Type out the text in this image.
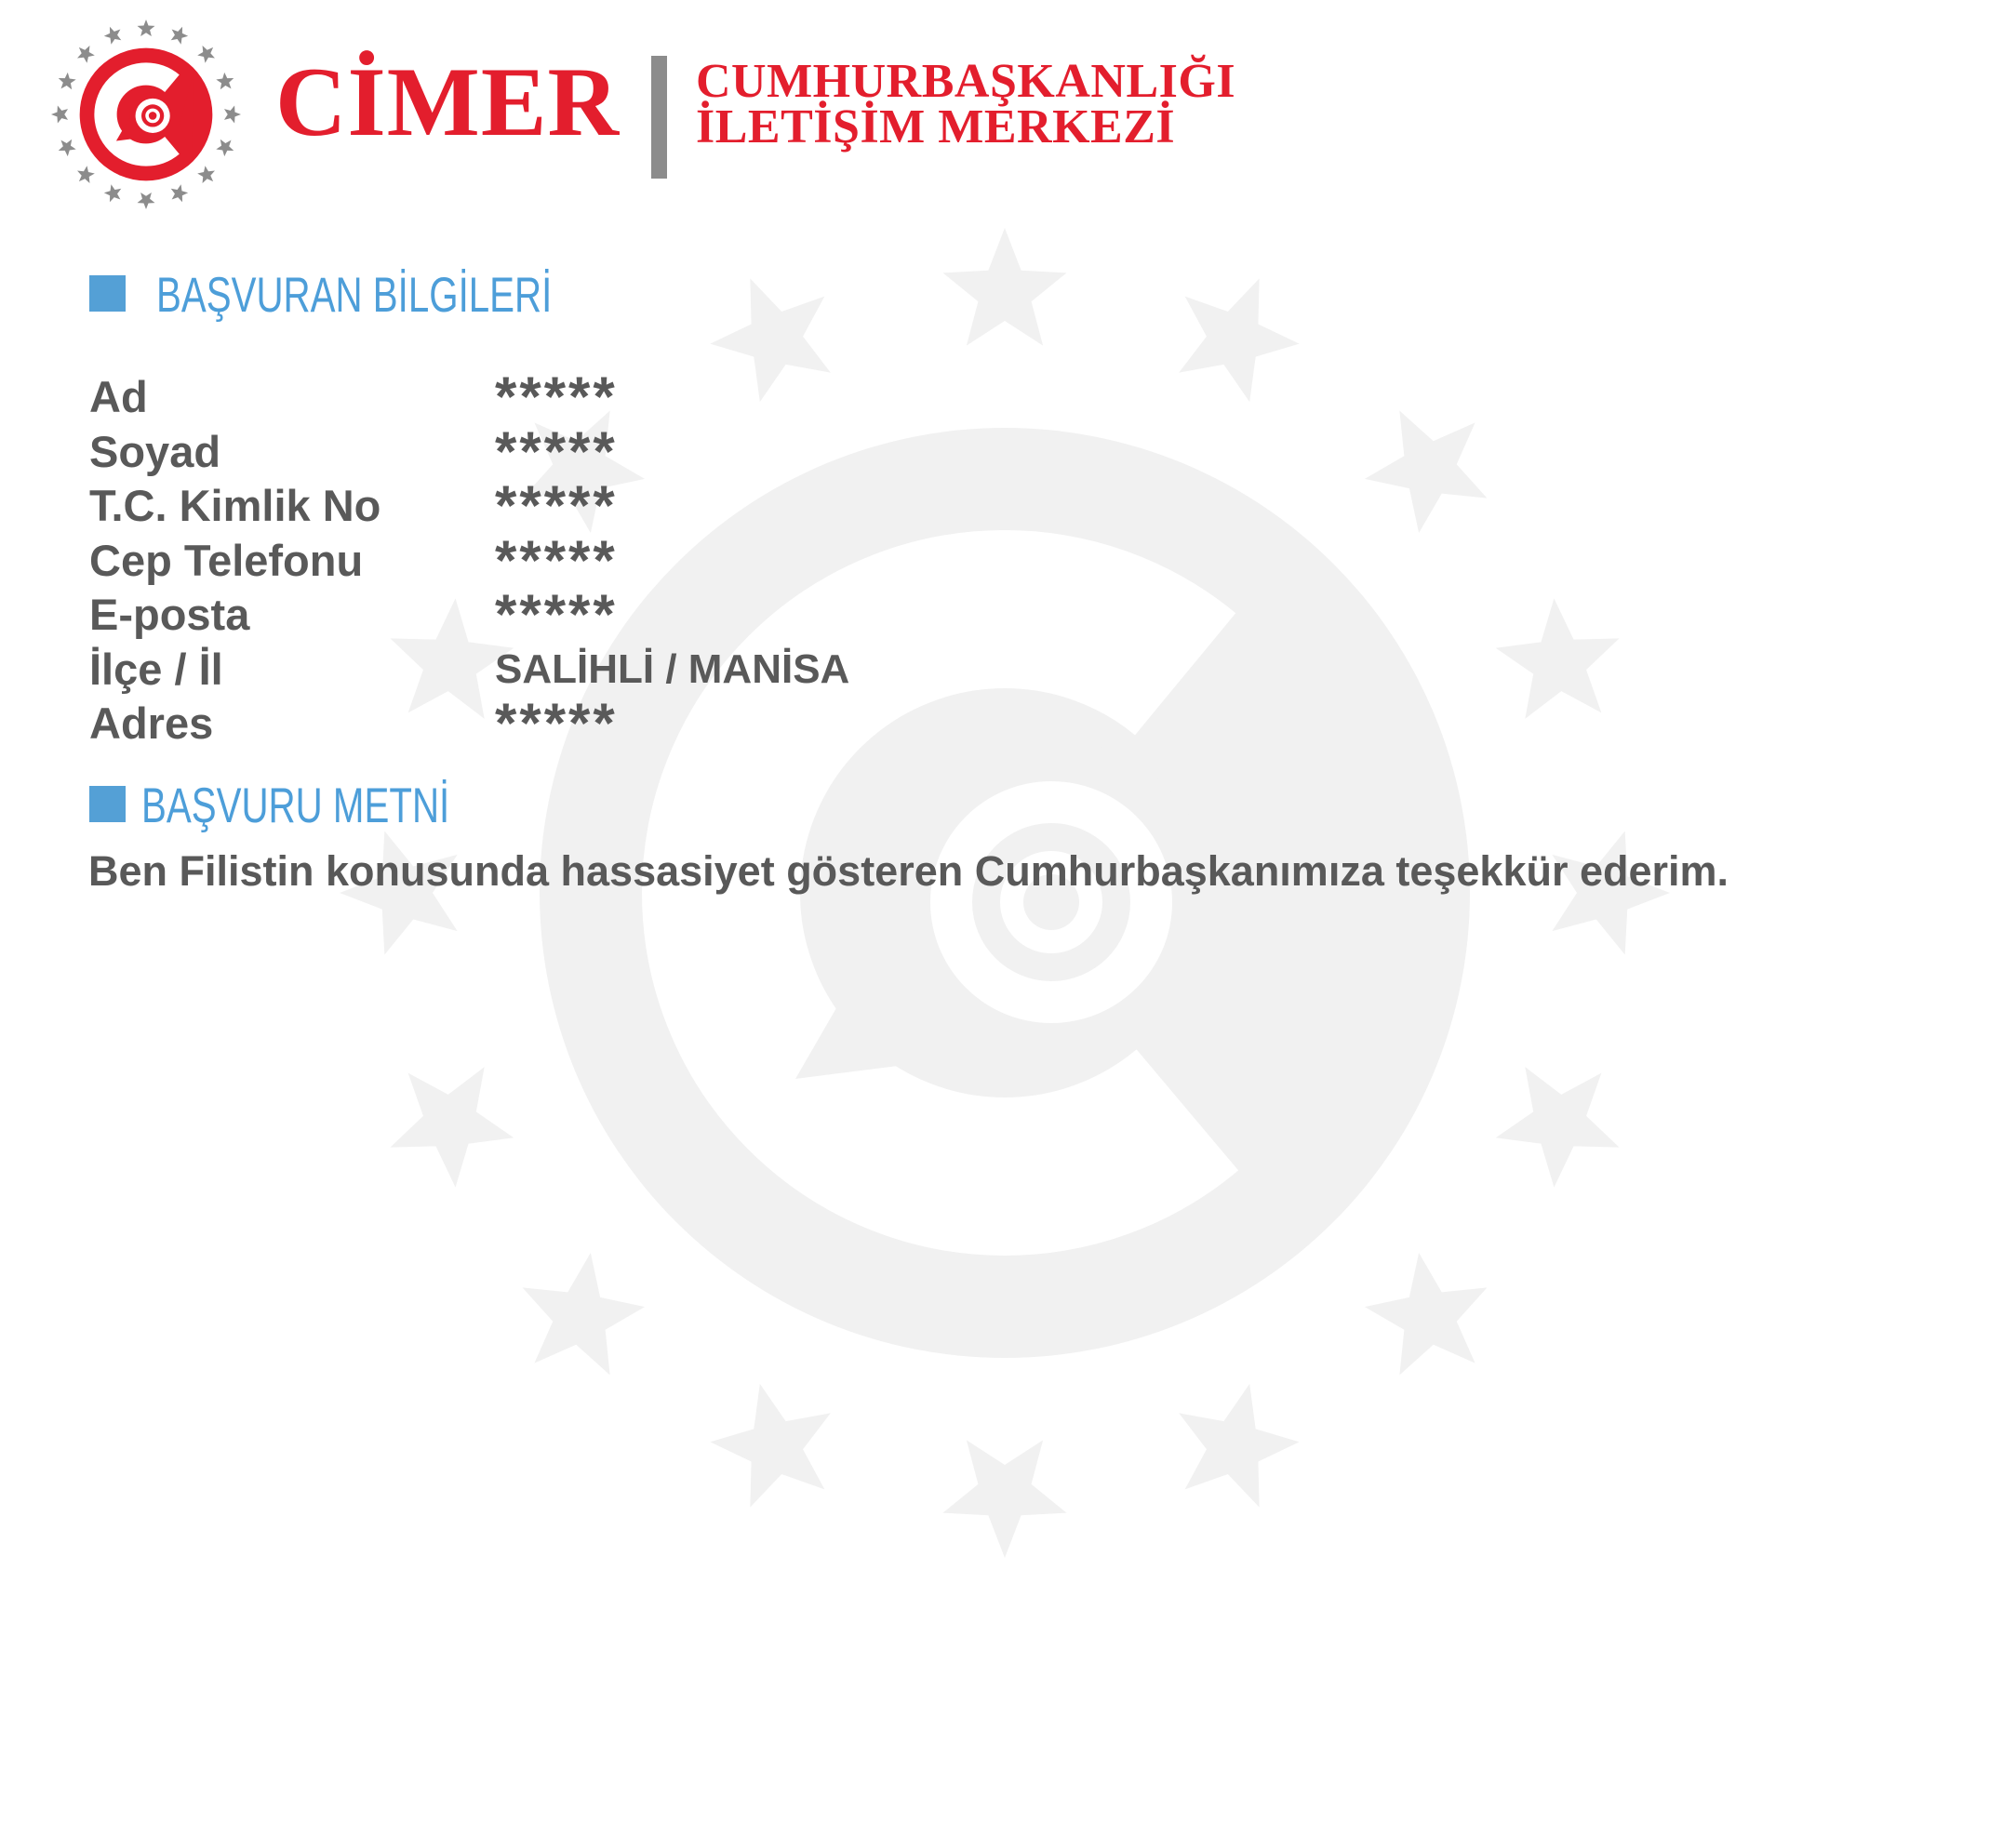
CİMER CUMHURBAŞKANLIĞI
İLETİŞİM MERKEZİ
BAŞVURAN BİLGİLERİ
Ad	*****
Soyad	*****
T.C. Kimlik No *****
Cep Telefonu *****
E-posta	*****
İlçe / İl	SALİHLİ / MANİSA
Adres	*****
BAŞVURU METNİ
Ben Filistin konusunda hassasiyet gösteren Cumhurbaşkanımıza teşekkür ederim.
